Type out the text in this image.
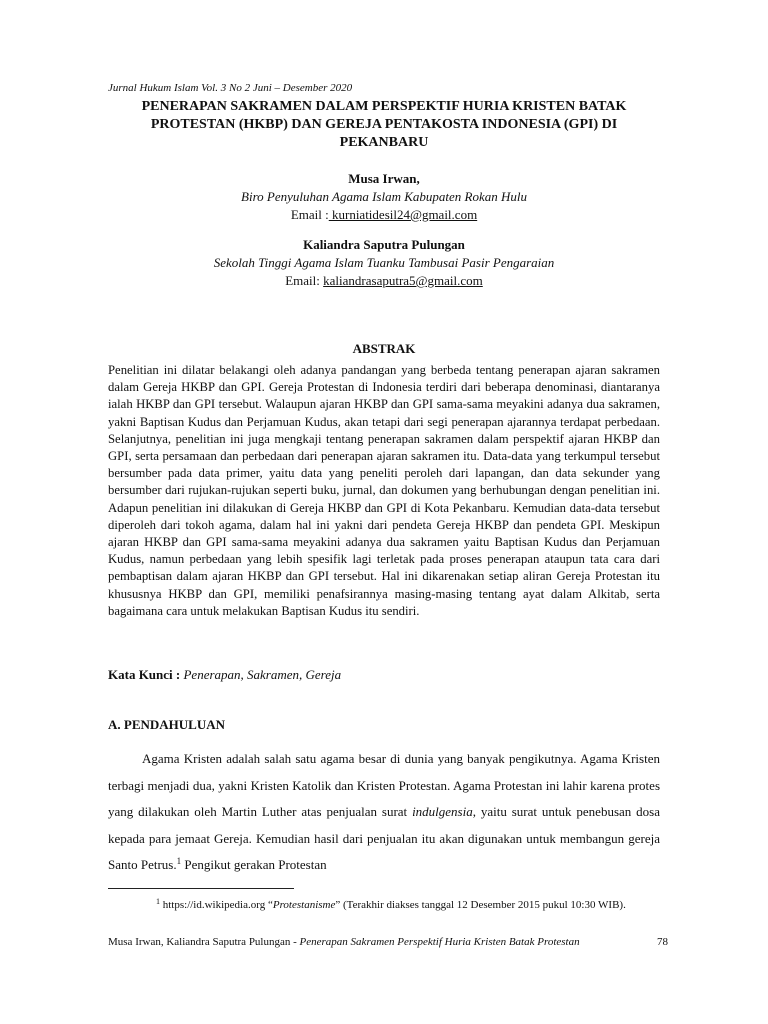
Jurnal Hukum Islam Vol. 3 No 2 Juni – Desember 2020
PENERAPAN SAKRAMEN DALAM PERSPEKTIF HURIA KRISTEN BATAK
PROTESTAN (HKBP) DAN GEREJA PENTAKOSTA INDONESIA (GPI) DI
PEKANBARU
Musa Irwan,
Biro Penyuluhan Agama Islam Kabupaten Rokan Hulu
Email : kurniatidesil24@gmail.com
Kaliandra Saputra Pulungan
Sekolah Tinggi Agama Islam Tuanku Tambusai Pasir Pengaraian
Email: kaliandrasaputra5@gmail.com
ABSTRAK

Penelitian ini dilatar belakangi oleh adanya pandangan yang berbeda tentang penerapan ajaran sakramen dalam Gereja HKBP dan GPI. Gereja Protestan di Indonesia terdiri dari beberapa denominasi, diantaranya ialah HKBP dan GPI tersebut. Walaupun ajaran HKBP dan GPI sama-sama meyakini adanya dua sakramen, yakni Baptisan Kudus dan Perjamuan Kudus, akan tetapi dari segi penerapan ajarannya terdapat perbedaan. Selanjutnya, penelitian ini juga mengkaji tentang penerapan sakramen dalam perspektif ajaran HKBP dan GPI, serta persamaan dan perbedaan dari penerapan ajaran sakramen itu. Data-data yang terkumpul tersebut bersumber pada data primer, yaitu data yang peneliti peroleh dari lapangan, dan data sekunder yang bersumber dari rujukan-rujukan seperti buku, jurnal, dan dokumen yang berhubungan dengan penelitian ini. Adapun penelitian ini dilakukan di Gereja HKBP dan GPI di Kota Pekanbaru. Kemudian data-data tersebut diperoleh dari tokoh agama, dalam hal ini yakni dari pendeta Gereja HKBP dan pendeta GPI. Meskipun ajaran HKBP dan GPI sama-sama meyakini adanya dua sakramen yaitu Baptisan Kudus dan Perjamuan Kudus, namun perbedaan yang lebih spesifik lagi terletak pada proses penerapan ataupun tata cara dari pembaptisan dalam ajaran HKBP dan GPI tersebut. Hal ini dikarenakan setiap aliran Gereja Protestan itu khususnya HKBP dan GPI, memiliki penafsirannya masing-masing tentang ayat dalam Alkitab, serta bagaimana cara untuk melakukan Baptisan Kudus itu sendiri.

Kata Kunci : Penerapan, Sakramen, Gereja
A. PENDAHULUAN

Agama Kristen adalah salah satu agama besar di dunia yang banyak pengikutnya. Agama Kristen terbagi menjadi dua, yakni Kristen Katolik dan Kristen Protestan. Agama Protestan ini lahir karena protes yang dilakukan oleh Martin Luther atas penjualan surat indulgensia, yaitu surat untuk penebusan dosa kepada para jemaat Gereja. Kemudian hasil dari penjualan itu akan digunakan untuk membangun gereja Santo Petrus.$^1$ Pengikut gerakan Protestan

$^1$ https://id.wikipedia.org “Protestanisme” (Terakhir diakses tanggal 12 Desember 2015 pukul 10:30 WIB).
Musa Irwan, Kaliandra Saputra Pulungan - Penerapan Sakramen Perspektif Huria Kristen Batak Protestan	78
